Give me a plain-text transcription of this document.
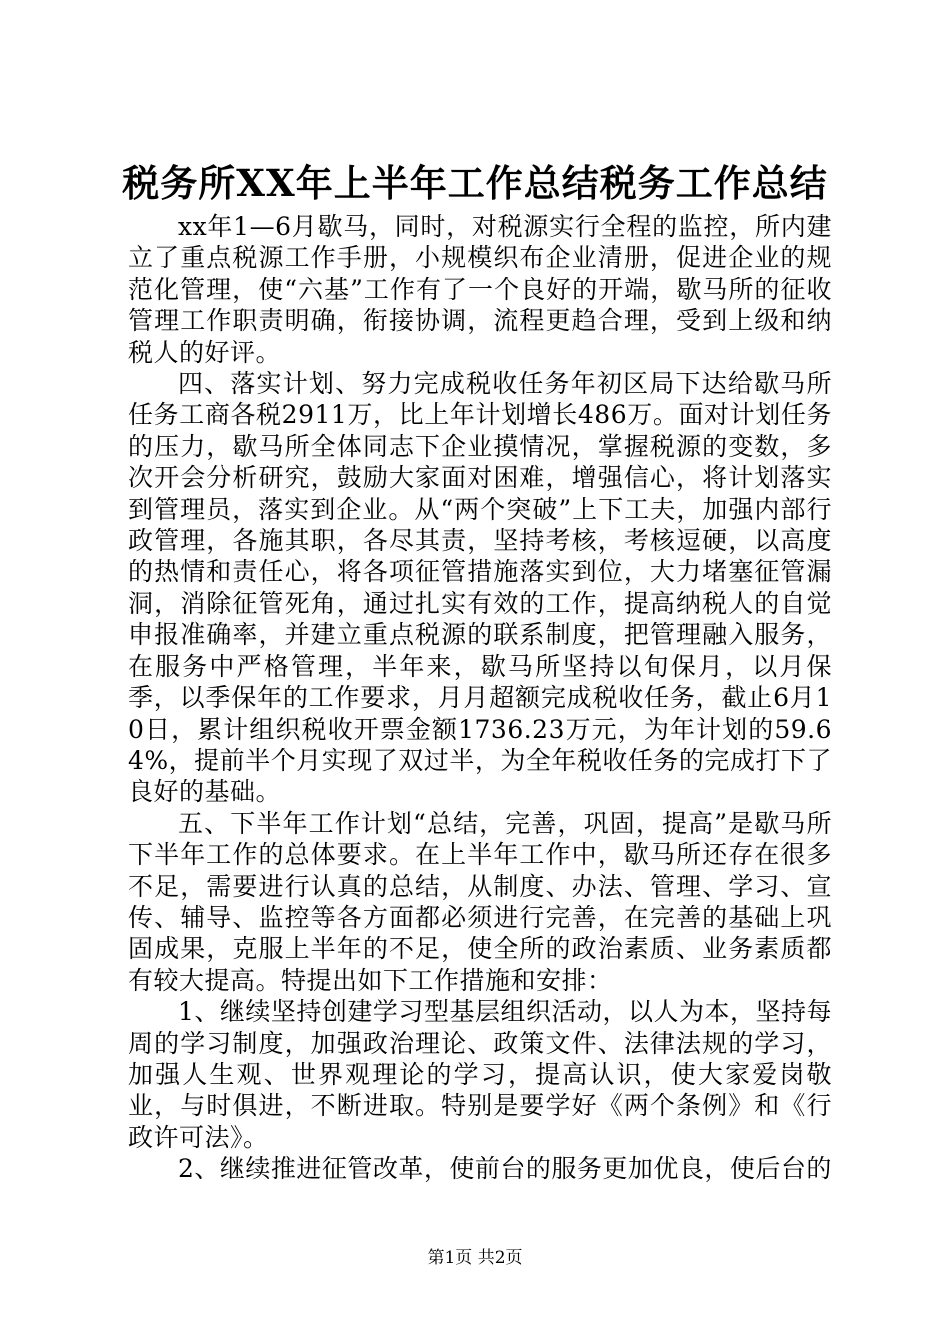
税务所XX年上半年工作总结税务工作总结

xx年1—6月歇马，同时，对税源实行全程的监控，所内建立了重点税源工作手册，小规模织布企业清册，促进企业的规范化管理，使“六基”工作有了一个良好的开端，歇马所的征收管理工作职责明确，衔接协调，流程更趋合理，受到上级和纳税人的好评。

四、落实计划、努力完成税收任务年初区局下达给歇马所任务工商各税2911万，比上年计划增长486万。面对计划任务的压力，歇马所全体同志下企业摸情况，掌握税源的变数，多次开会分析研究，鼓励大家面对困难，增强信心，将计划落实到管理员，落实到企业。从“两个突破”上下工夫，加强内部行政管理，各施其职，各尽其责，坚持考核，考核逗硬，以高度的热情和责任心，将各项征管措施落实到位，大力堵塞征管漏洞，消除征管死角，通过扎实有效的工作，提高纳税人的自觉申报准确率，并建立重点税源的联系制度，把管理融入服务，在服务中严格管理，半年来，歇马所坚持以旬保月，以月保季，以季保年的工作要求，月月超额完成税收任务，截止6月10日，累计组织税收开票金额1736.23万元，为年计划的59.64%，提前半个月实现了双过半，为全年税收任务的完成打下了良好的基础。

五、下半年工作计划“总结，完善，巩固，提高”是歇马所下半年工作的总体要求。在上半年工作中，歇马所还存在很多不足，需要进行认真的总结，从制度、办法、管理、学习、宣传、辅导、监控等各方面都必须进行完善，在完善的基础上巩固成果，克服上半年的不足，使全所的政治素质、业务素质都有较大提高。特提出如下工作措施和安排：

1、继续坚持创建学习型基层组织活动，以人为本，坚持每周的学习制度，加强政治理论、政策文件、法律法规的学习，加强人生观、世界观理论的学习，提高认识，使大家爱岗敬业，与时俱进，不断进取。特别是要学好《两个条例》和《行政许可法》。

2、继续推进征管改革，使前台的服务更加优良，使后台的

第1页 共2页
